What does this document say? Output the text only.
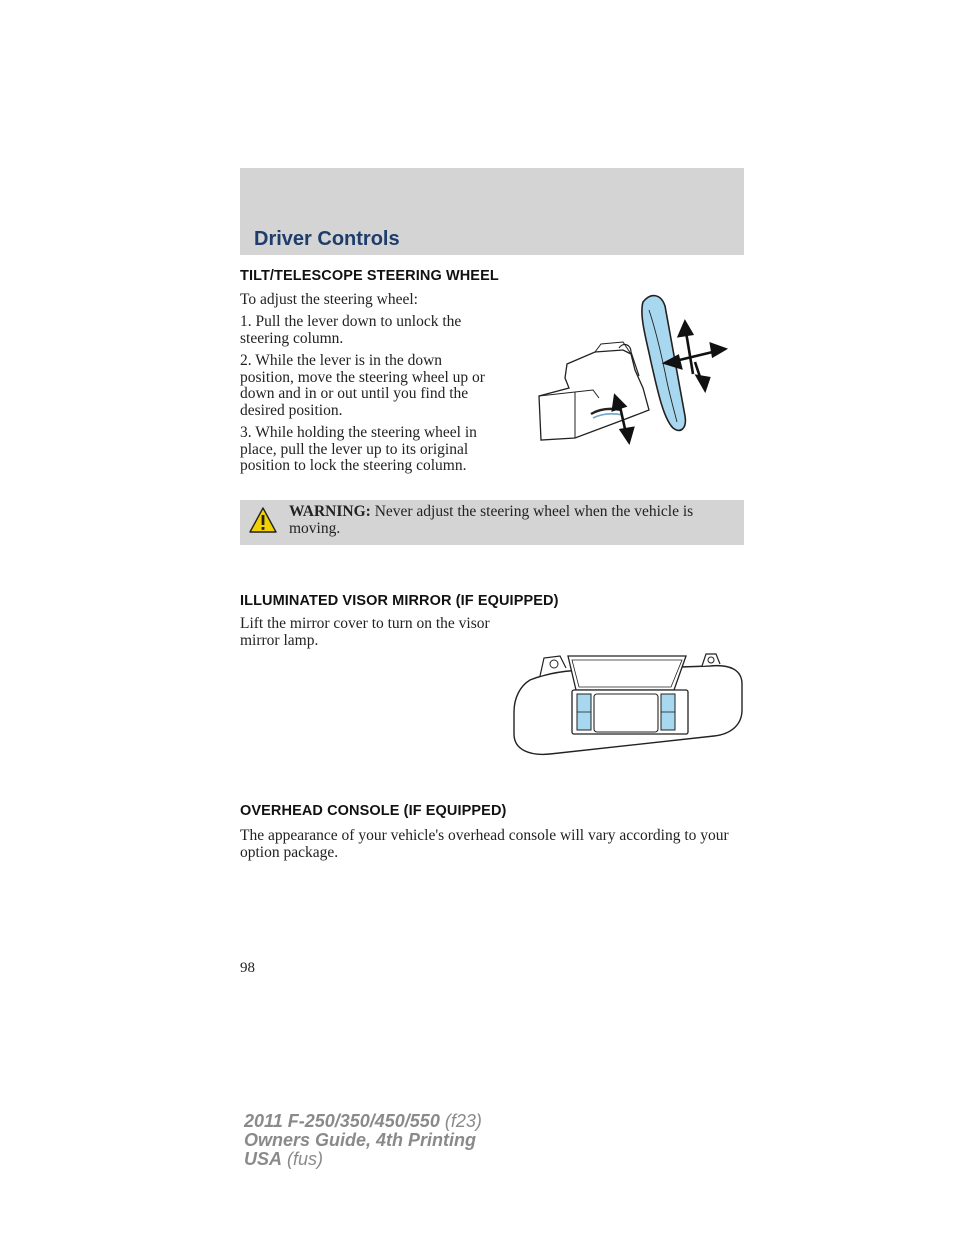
Driver Controls
TILT/TELESCOPE STEERING WHEEL

To adjust the steering wheel:

1. Pull the lever down to unlock the steering column.

2. While the lever is in the down position, move the steering wheel up or down and in or out until you find the desired position.

3. While holding the steering wheel in place, pull the lever up to its original position to lock the steering column.

WARNING: Never adjust the steering wheel when the vehicle is moving.

ILLUMINATED VISOR MIRROR (IF EQUIPPED)

Lift the mirror cover to turn on the visor mirror lamp.

OVERHEAD CONSOLE (IF EQUIPPED)

The appearance of your vehicle's overhead console will vary according to your option package.

98

2011 F-250/350/450/550 (f23)
Owners Guide, 4th Printing
USA (fus)
